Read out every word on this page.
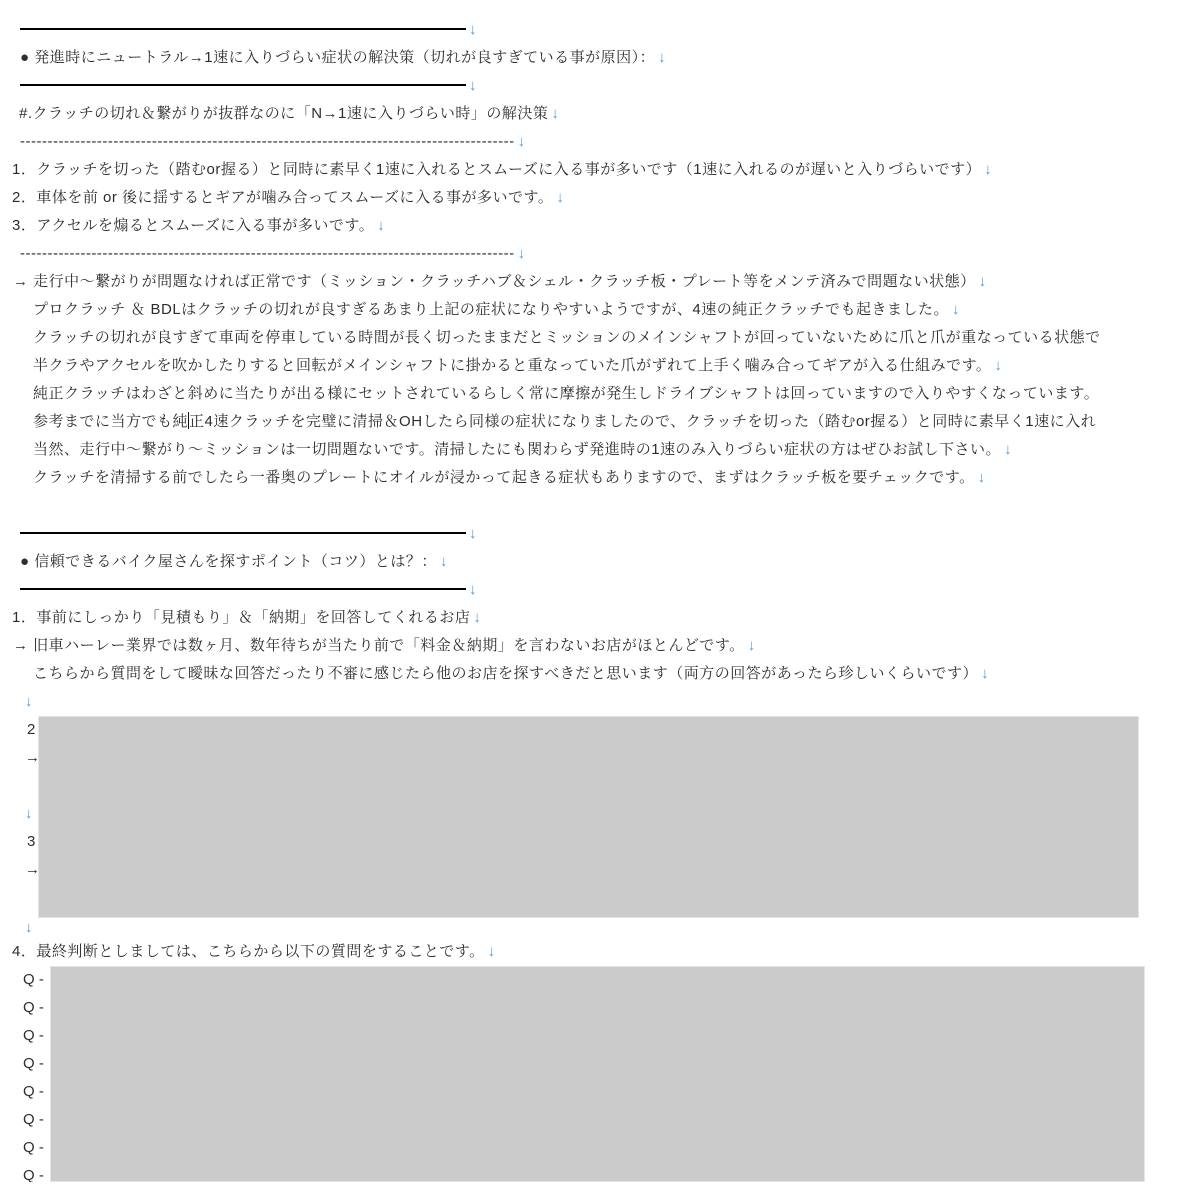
↓
● 発進時にニュートラル→1速に入りづらい症状の解決策（切れが良すぎている事が原因）： ↓
↓
#.クラッチの切れ＆繋がりが抜群なのに「N→1速に入りづらい時」の解決策 ↓
------------------------------------------------------------------------------------------ ↓
1．クラッチを切った（踏むor握る）と同時に素早く1速に入れるとスムーズに入る事が多いです（1速に入れるのが遅いと入りづらいです） ↓
2．車体を前 or 後に揺するとギアが噛み合ってスムーズに入る事が多いです。 ↓
3．アクセルを煽るとスムーズに入る事が多いです。 ↓
------------------------------------------------------------------------------------------ ↓
→ 走行中～繋がりが問題なければ正常です（ミッション・クラッチハブ＆シェル・クラッチ板・プレート等をメンテ済みで問題ない状態） ↓
プロクラッチ ＆ BDLはクラッチの切れが良すぎるあまり上記の症状になりやすいようですが、4速の純正クラッチでも起きました。 ↓
クラッチの切れが良すぎて車両を停車している時間が長く切ったままだとミッションのメインシャフトが回っていないために爪と爪が重なっている状態で
半クラやアクセルを吹かしたりすると回転がメインシャフトに掛かると重なっていた爪がずれて上手く噛み合ってギアが入る仕組みです。 ↓
純正クラッチはわざと斜めに当たりが出る様にセットされているらしく常に摩擦が発生しドライブシャフトは回っていますので入りやすくなっています。
参考までに当方でも純正4速クラッチを完璧に清掃＆OHしたら同様の症状になりましたので、クラッチを切った（踏むor握る）と同時に素早く1速に入れ
当然、走行中～繋がり～ミッションは一切問題ないです。清掃したにも関わらず発進時の1速のみ入りづらい症状の方はぜひお試し下さい。 ↓
クラッチを清掃する前でしたら一番奥のプレートにオイルが浸かって起きる症状もありますので、まずはクラッチ板を要チェックです。 ↓
↓
● 信頼できるバイク屋さんを探すポイント（コツ）とは？： ↓
↓
1．事前にしっかり「見積もり」＆「納期」を回答してくれるお店 ↓
→ 旧車ハーレー業界では数ヶ月、数年待ちが当たり前で「料金＆納期」を言わないお店がほとんどです。 ↓
こちらから質問をして曖昧な回答だったり不審に感じたら他のお店を探すべきだと思います（両方の回答があったら珍しいくらいです） ↓
↓
2
→
↓
3
→
↓
4．最終判断としましては、こちらから以下の質問をすることです。 ↓
Q -
Q -
Q -
Q -
Q -
Q -
Q -
Q -
